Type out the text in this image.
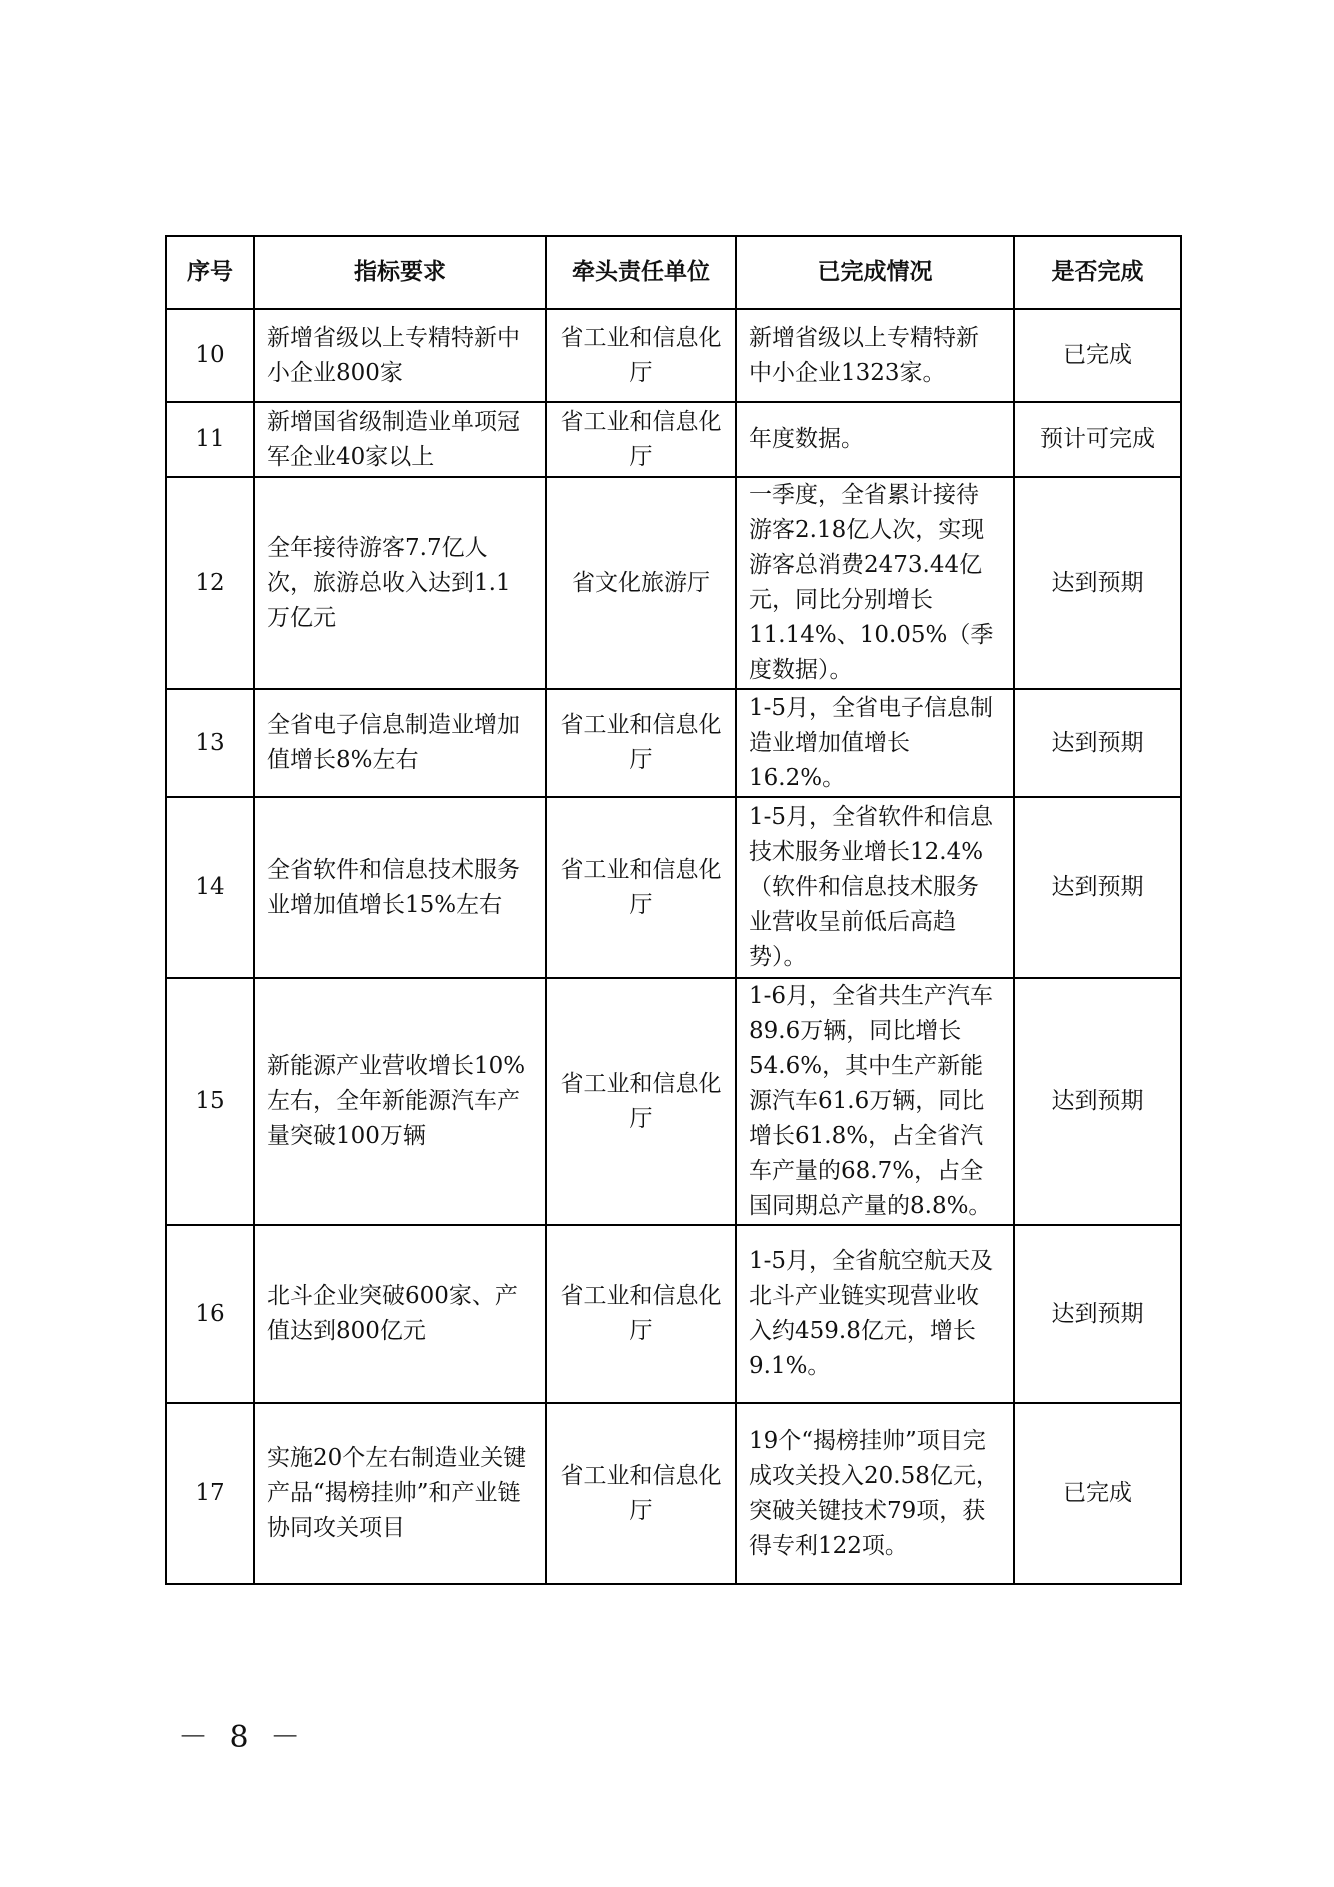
序号	指标要求	牵头责任单位	已完成情况	是否完成
10	新增省级以上专精特新中小企业800家	省工业和信息化厅	新增省级以上专精特新中小企业1323家。	已完成
11	新增国省级制造业单项冠军企业40家以上	省工业和信息化厅	年度数据。	预计可完成
12	全年接待游客7.7亿人次，旅游总收入达到1.1万亿元	省文化旅游厅	一季度，全省累计接待游客2.18亿人次，实现游客总消费2473.44亿元，同比分别增长11.14%、10.05%（季度数据）。	达到预期
13	全省电子信息制造业增加值增长8%左右	省工业和信息化厅	1-5月，全省电子信息制造业增加值增长16.2%。	达到预期
14	全省软件和信息技术服务业增加值增长15%左右	省工业和信息化厅	1-5月，全省软件和信息技术服务业增长12.4%（软件和信息技术服务业营收呈前低后高趋势）。	达到预期
15	新能源产业营收增长10%左右，全年新能源汽车产量突破100万辆	省工业和信息化厅	1-6月，全省共生产汽车89.6万辆，同比增长54.6%，其中生产新能源汽车61.6万辆，同比增长61.8%，占全省汽车产量的68.7%，占全国同期总产量的8.8%。	达到预期
16	北斗企业突破600家、产值达到800亿元	省工业和信息化厅	1-5月，全省航空航天及北斗产业链实现营业收入约459.8亿元，增长9.1%。	达到预期
17	实施20个左右制造业关键产品“揭榜挂帅”和产业链协同攻关项目	省工业和信息化厅	19个“揭榜挂帅”项目完成攻关投入20.58亿元，突破关键技术79项，获得专利122项。	已完成
－ 8 －
